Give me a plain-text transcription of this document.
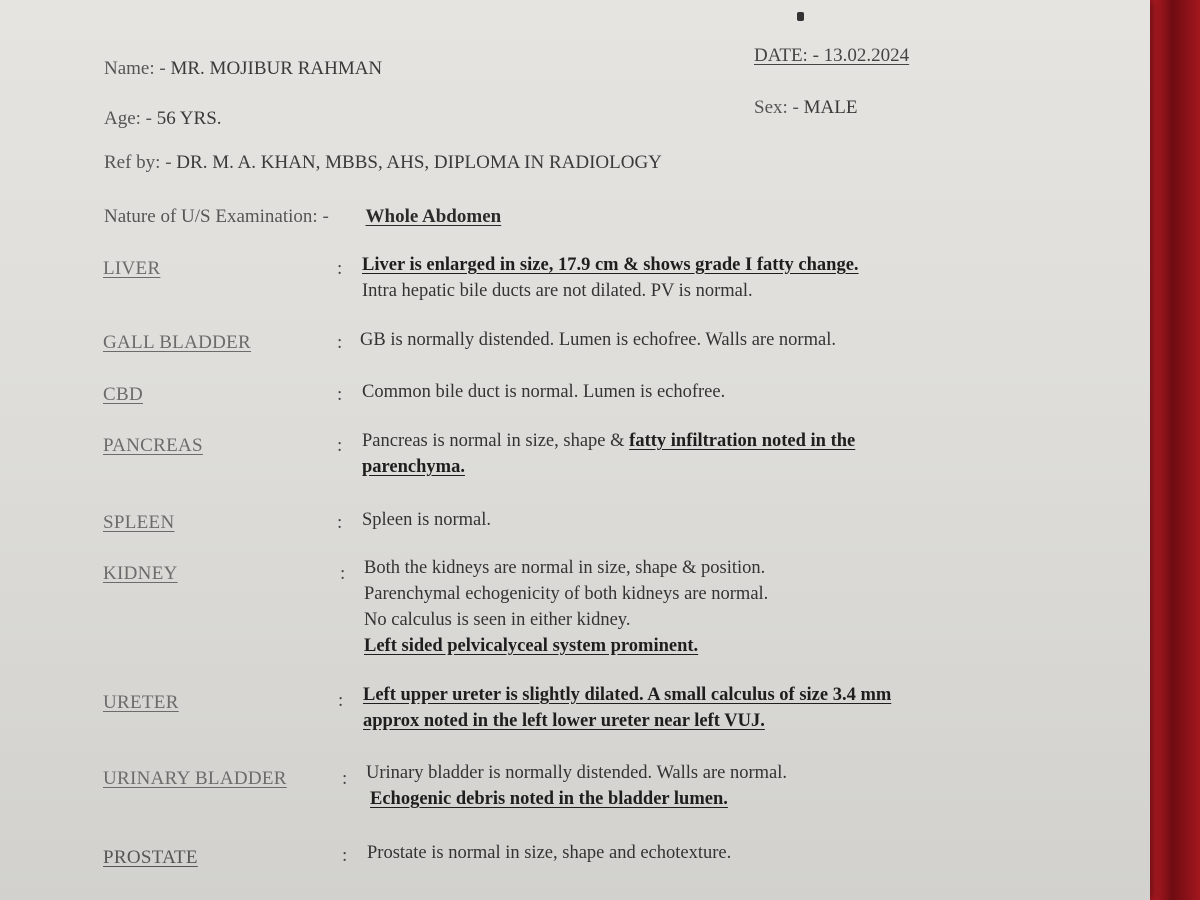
Name: - MR. MOJIBUR RAHMAN
DATE: - 13.02.2024
Age: - 56 YRS.
Sex: - MALE
Ref by: - DR. M. A. KHAN, MBBS, AHS, DIPLOMA IN RADIOLOGY
Nature of U/S Examination: - Whole Abdomen
LIVER	: Liver is enlarged in size, 17.9 cm & shows grade I fatty change.
Intra hepatic bile ducts are not dilated. PV is normal.
GALL BLADDER	: GB is normally distended. Lumen is echofree. Walls are normal.
CBD	: Common bile duct is normal. Lumen is echofree.
PANCREAS	: Pancreas is normal in size, shape & fatty infiltration noted in the
parenchyma.
SPLEEN	: Spleen is normal.
KIDNEY	: Both the kidneys are normal in size, shape & position.
Parenchymal echogenicity of both kidneys are normal.
No calculus is seen in either kidney.
Left sided pelvicalyceal system prominent.
URETER	: Left upper ureter is slightly dilated. A small calculus of size 3.4 mm
approx noted in the left lower ureter near left VUJ.
URINARY BLADDER	: Urinary bladder is normally distended. Walls are normal.
Echogenic debris noted in the bladder lumen.
PROSTATE	: Prostate is normal in size, shape and echotexture.
